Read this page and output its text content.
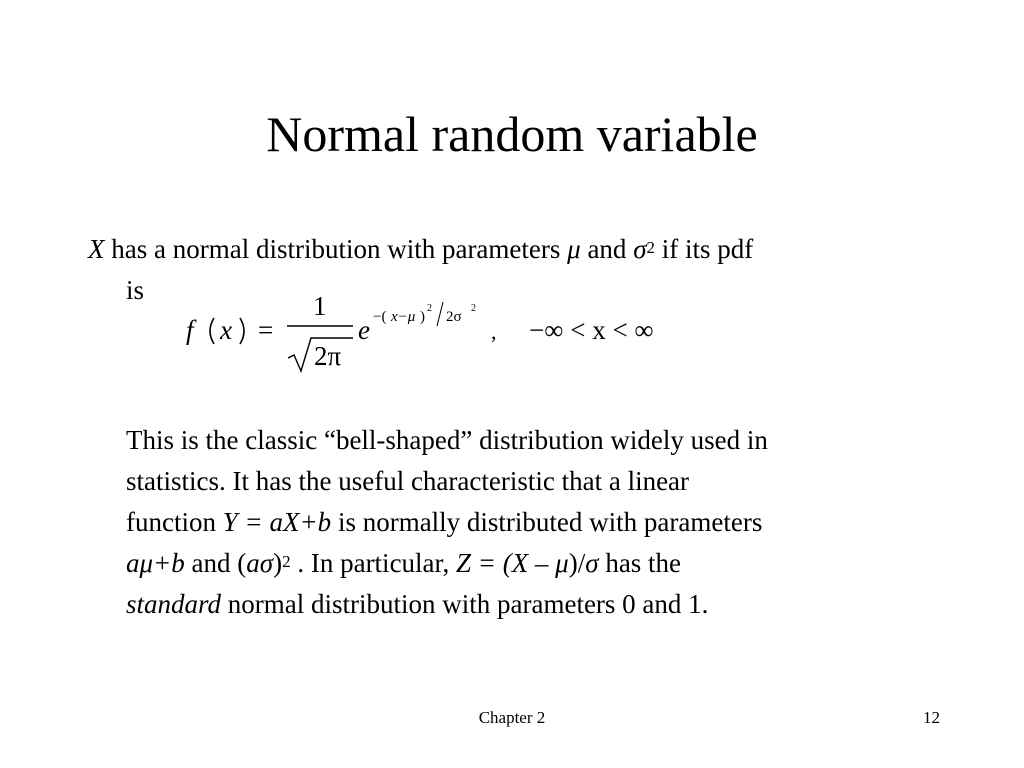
Normal random variable
X has a normal distribution with parameters μ and $\sigma^2$ if its pdf
is
f x =
1
2π
e −( x−μ )
2
2σ
2
, −∞ < x < ∞
This is the classic “bell-shaped” distribution widely used in
statistics. It has the useful characteristic that a linear
function Y = aX+b is normally distributed with parameters
aμ+b and $(a\sigma)^2$ . In particular, Z = (X – μ)/σ has the
standard normal distribution with parameters 0 and 1.
Chapter 2	12
